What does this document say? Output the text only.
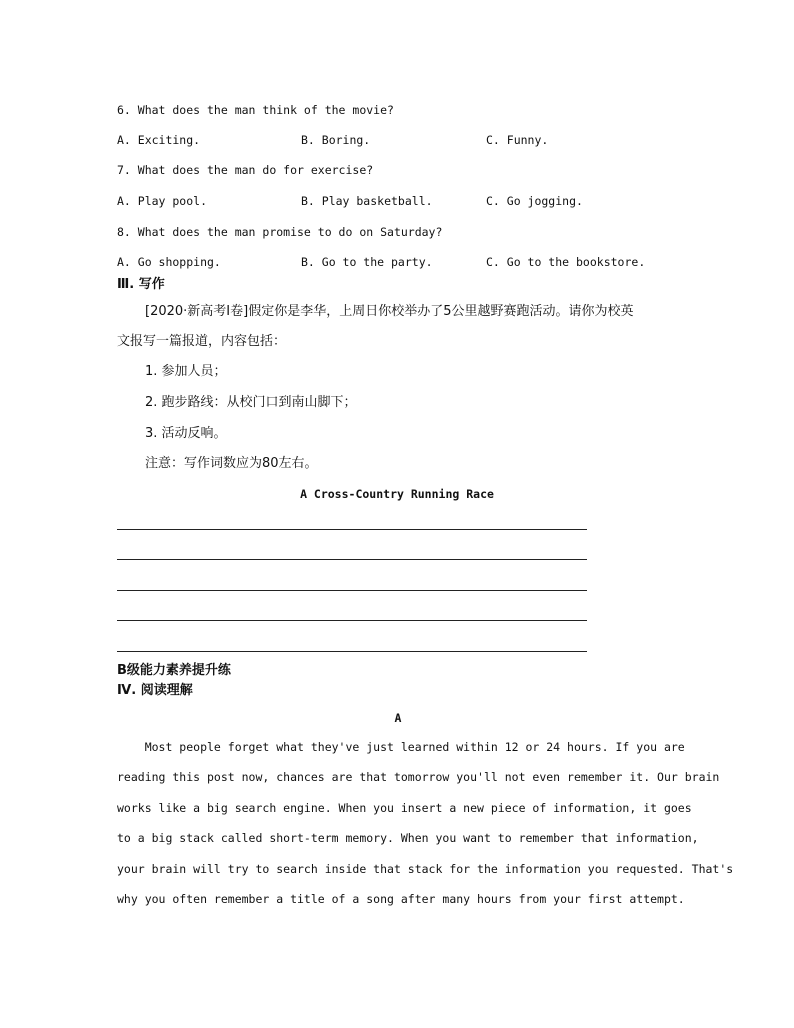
6. What does the man think of the movie?
A. Exciting.	B. Boring.	C. Funny.
7. What does the man do for exercise?
A. Play pool.	B. Play basketball.	C. Go jogging.
8. What does the man promise to do on Saturday?
A. Go shopping.	B. Go to the party.	C. Go to the bookstore.
Ⅲ. 写作
[2020·新高考Ⅰ卷]假定你是李华，上周日你校举办了5公里越野赛跑活动。请你为校英
文报写一篇报道，内容包括：
1. 参加人员；
2. 跑步路线：从校门口到南山脚下；
3. 活动反响。
注意：写作词数应为80左右。
A Cross-Country Running Race
B级能力素养提升练
Ⅳ. 阅读理解
A
Most people forget what they've just learned within 12 or 24 hours. If you are
reading this post now, chances are that tomorrow you'll not even remember it. Our brain
works like a big search engine. When you insert a new piece of information, it goes
to a big stack called short-term memory. When you want to remember that information,
your brain will try to search inside that stack for the information you requested. That's
why you often remember a title of a song after many hours from your first attempt.
